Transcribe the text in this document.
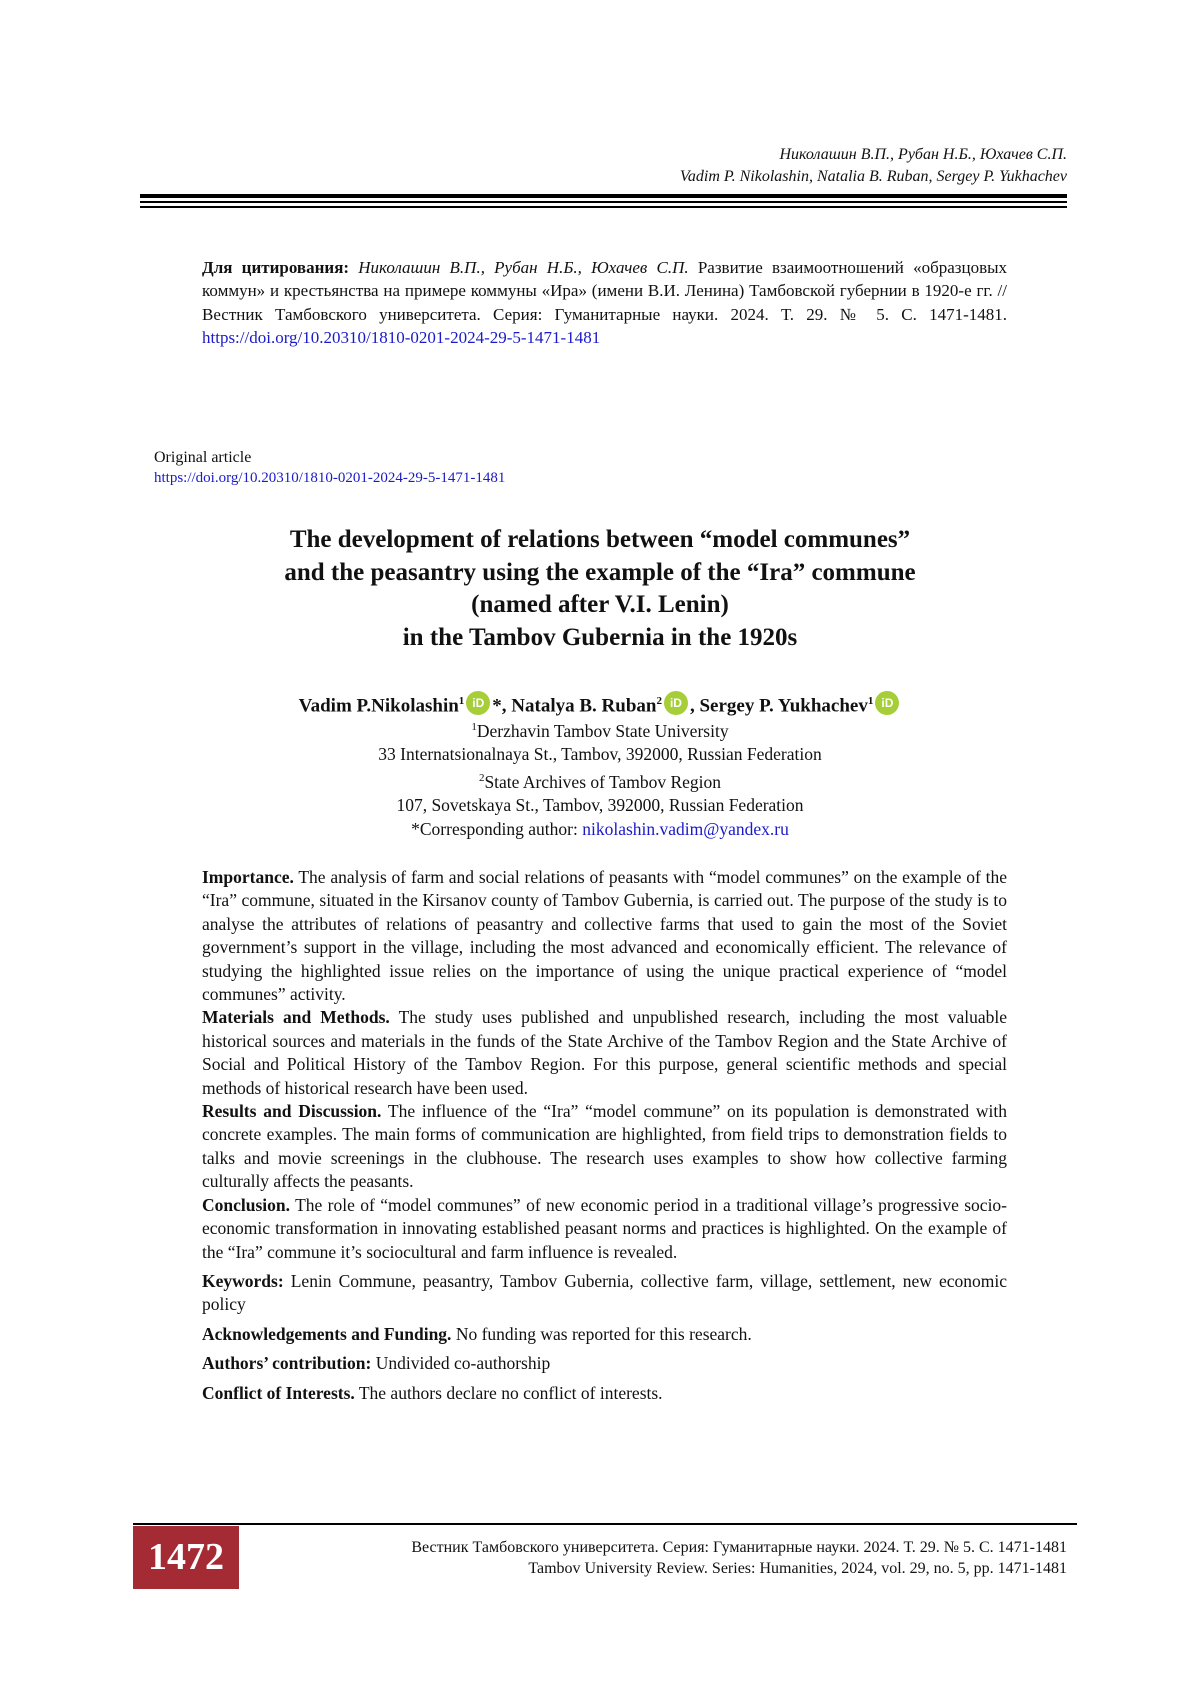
Николашин В.П., Рубан Н.Б., Юхачев С.П.
Vadim P. Nikolashin, Natalia B. Ruban, Sergey P. Yukhachev
Для цитирования: Николашин В.П., Рубан Н.Б., Юхачев С.П. Развитие взаимоотношений «образцовых коммун» и крестьянства на примере коммуны «Ира» (имени В.И. Ленина) Тамбовской губернии в 1920-е гг. // Вестник Тамбовского университета. Серия: Гуманитарные науки. 2024. Т. 29. № 5. С. 1471-1481. https://doi.org/10.20310/1810-0201-2024-29-5-1471-1481
Original article
https://doi.org/10.20310/1810-0201-2024-29-5-1471-1481
The development of relations between “model communes”
and the peasantry using the example of the “Ira” commune
(named after V.I. Lenin)
in the Tambov Gubernia in the 1920s
Vadim P.Nikolashin$^1$ iD *, Natalya B. Ruban$^2$ iD , Sergey P. Yukhachev$^1$ iD
$^1$Derzhavin Tambov State University
33 Internatsionalnaya St., Tambov, 392000, Russian Federation
$^2$State Archives of Tambov Region
107, Sovetskaya St., Tambov, 392000, Russian Federation
*Corresponding author: nikolashin.vadim@yandex.ru

Importance. The analysis of farm and social relations of peasants with “model communes” on the example of the “Ira” commune, situated in the Kirsanov county of Tambov Gubernia, is carried out. The purpose of the study is to analyse the attributes of relations of peasantry and collective farms that used to gain the most of the Soviet government’s support in the village, including the most advanced and economically efficient. The relevance of studying the highlighted issue relies on the importance of using the unique practical experience of “model communes” activity.

Materials and Methods. The study uses published and unpublished research, including the most valuable historical sources and materials in the funds of the State Archive of the Tambov Region and the State Archive of Social and Political History of the Tambov Region. For this purpose, general scientific methods and special methods of historical research have been used.

Results and Discussion. The influence of the “Ira” “model commune” on its population is demonstrated with concrete examples. The main forms of communication are highlighted, from field trips to demonstration fields to talks and movie screenings in the clubhouse. The research uses examples to show how collective farming culturally affects the peasants.

Conclusion. The role of “model communes” of new economic period in a traditional village’s progressive socio-economic transformation in innovating established peasant norms and practices is highlighted. On the example of the “Ira” commune it’s sociocultural and farm influence is revealed.

Keywords: Lenin Commune, peasantry, Tambov Gubernia, collective farm, village, settlement, new economic policy

Acknowledgements and Funding. No funding was reported for this research.

Authors’ contribution: Undivided co-authorship

Conflict of Interests. The authors declare no conflict of interests.

1472	Вестник Тамбовского университета. Серия: Гуманитарные науки. 2024. Т. 29. № 5. С. 1471-1481
Tambov University Review. Series: Humanities, 2024, vol. 29, no. 5, pp. 1471-1481
